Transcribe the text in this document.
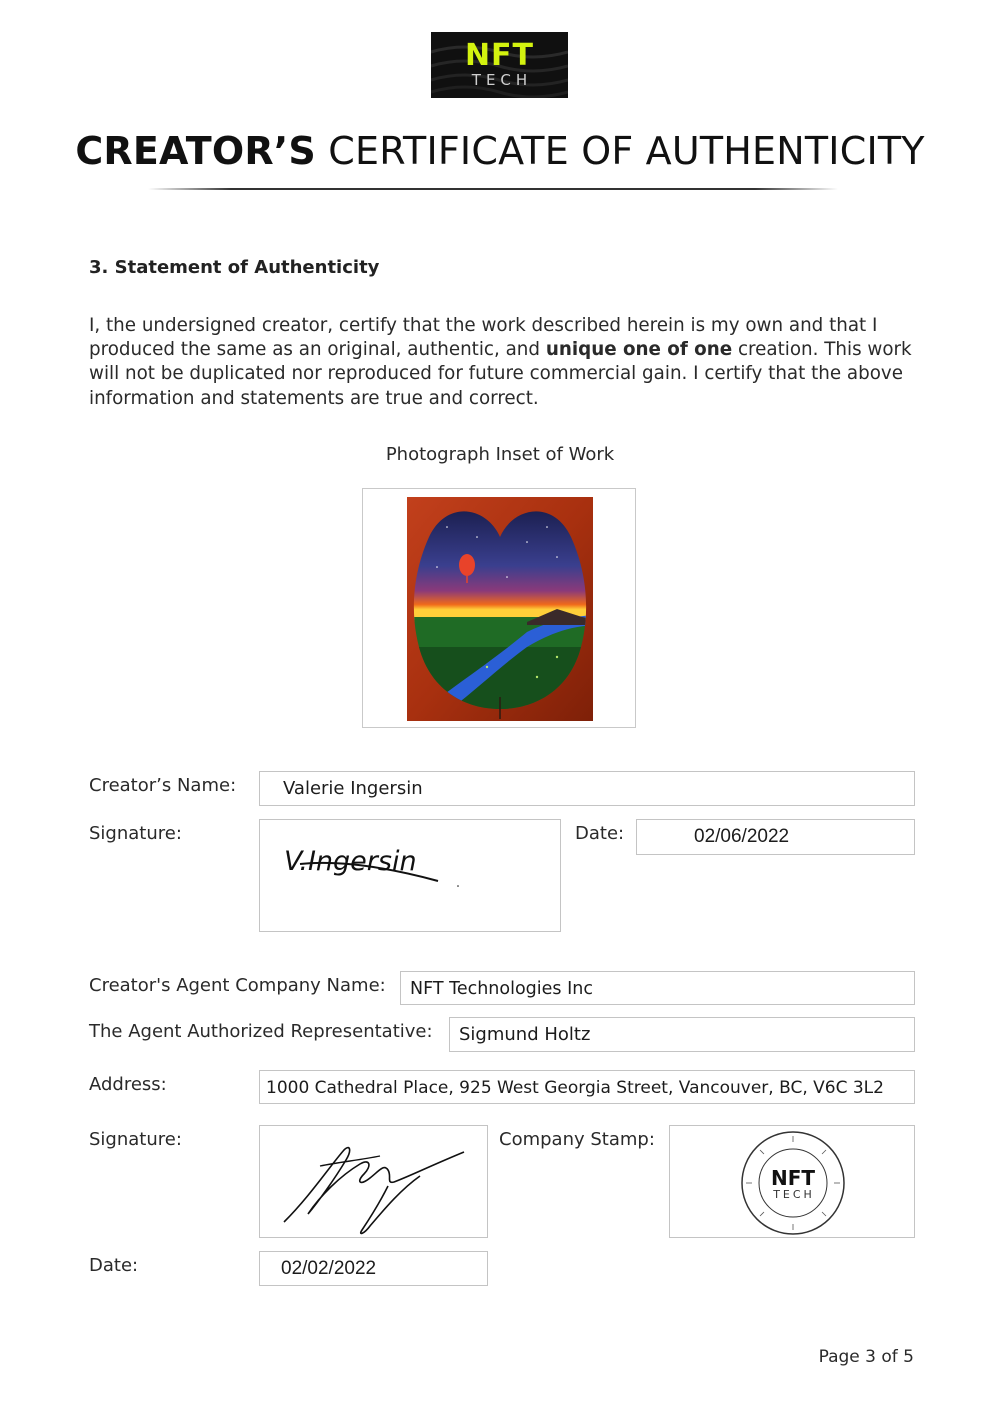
NFT
TECH
CREATOR’S CERTIFICATE OF AUTHENTICITY
3. Statement of Authenticity
I, the undersigned creator, certify that the work described herein is my own and that I produced the same as an original, authentic, and unique one of one creation. This work will not be duplicated nor reproduced for future commercial gain. I certify that the above information and statements are true and correct.
Photograph Inset of Work
Creator’s Name:	Valerie Ingersin
Signature:
V.Ingersin
Date:	02/06/2022
Creator's Agent Company Name: NFT Technologies Inc
The Agent Authorized Representative: Sigmund Holtz
Address:	1000 Cathedral Place, 925 West Georgia Street, Vancouver, BC, V6C 3L2
Signature:	Company Stamp:
NFT
TECH
Date:	02/02/2022
Page 3 of 5
